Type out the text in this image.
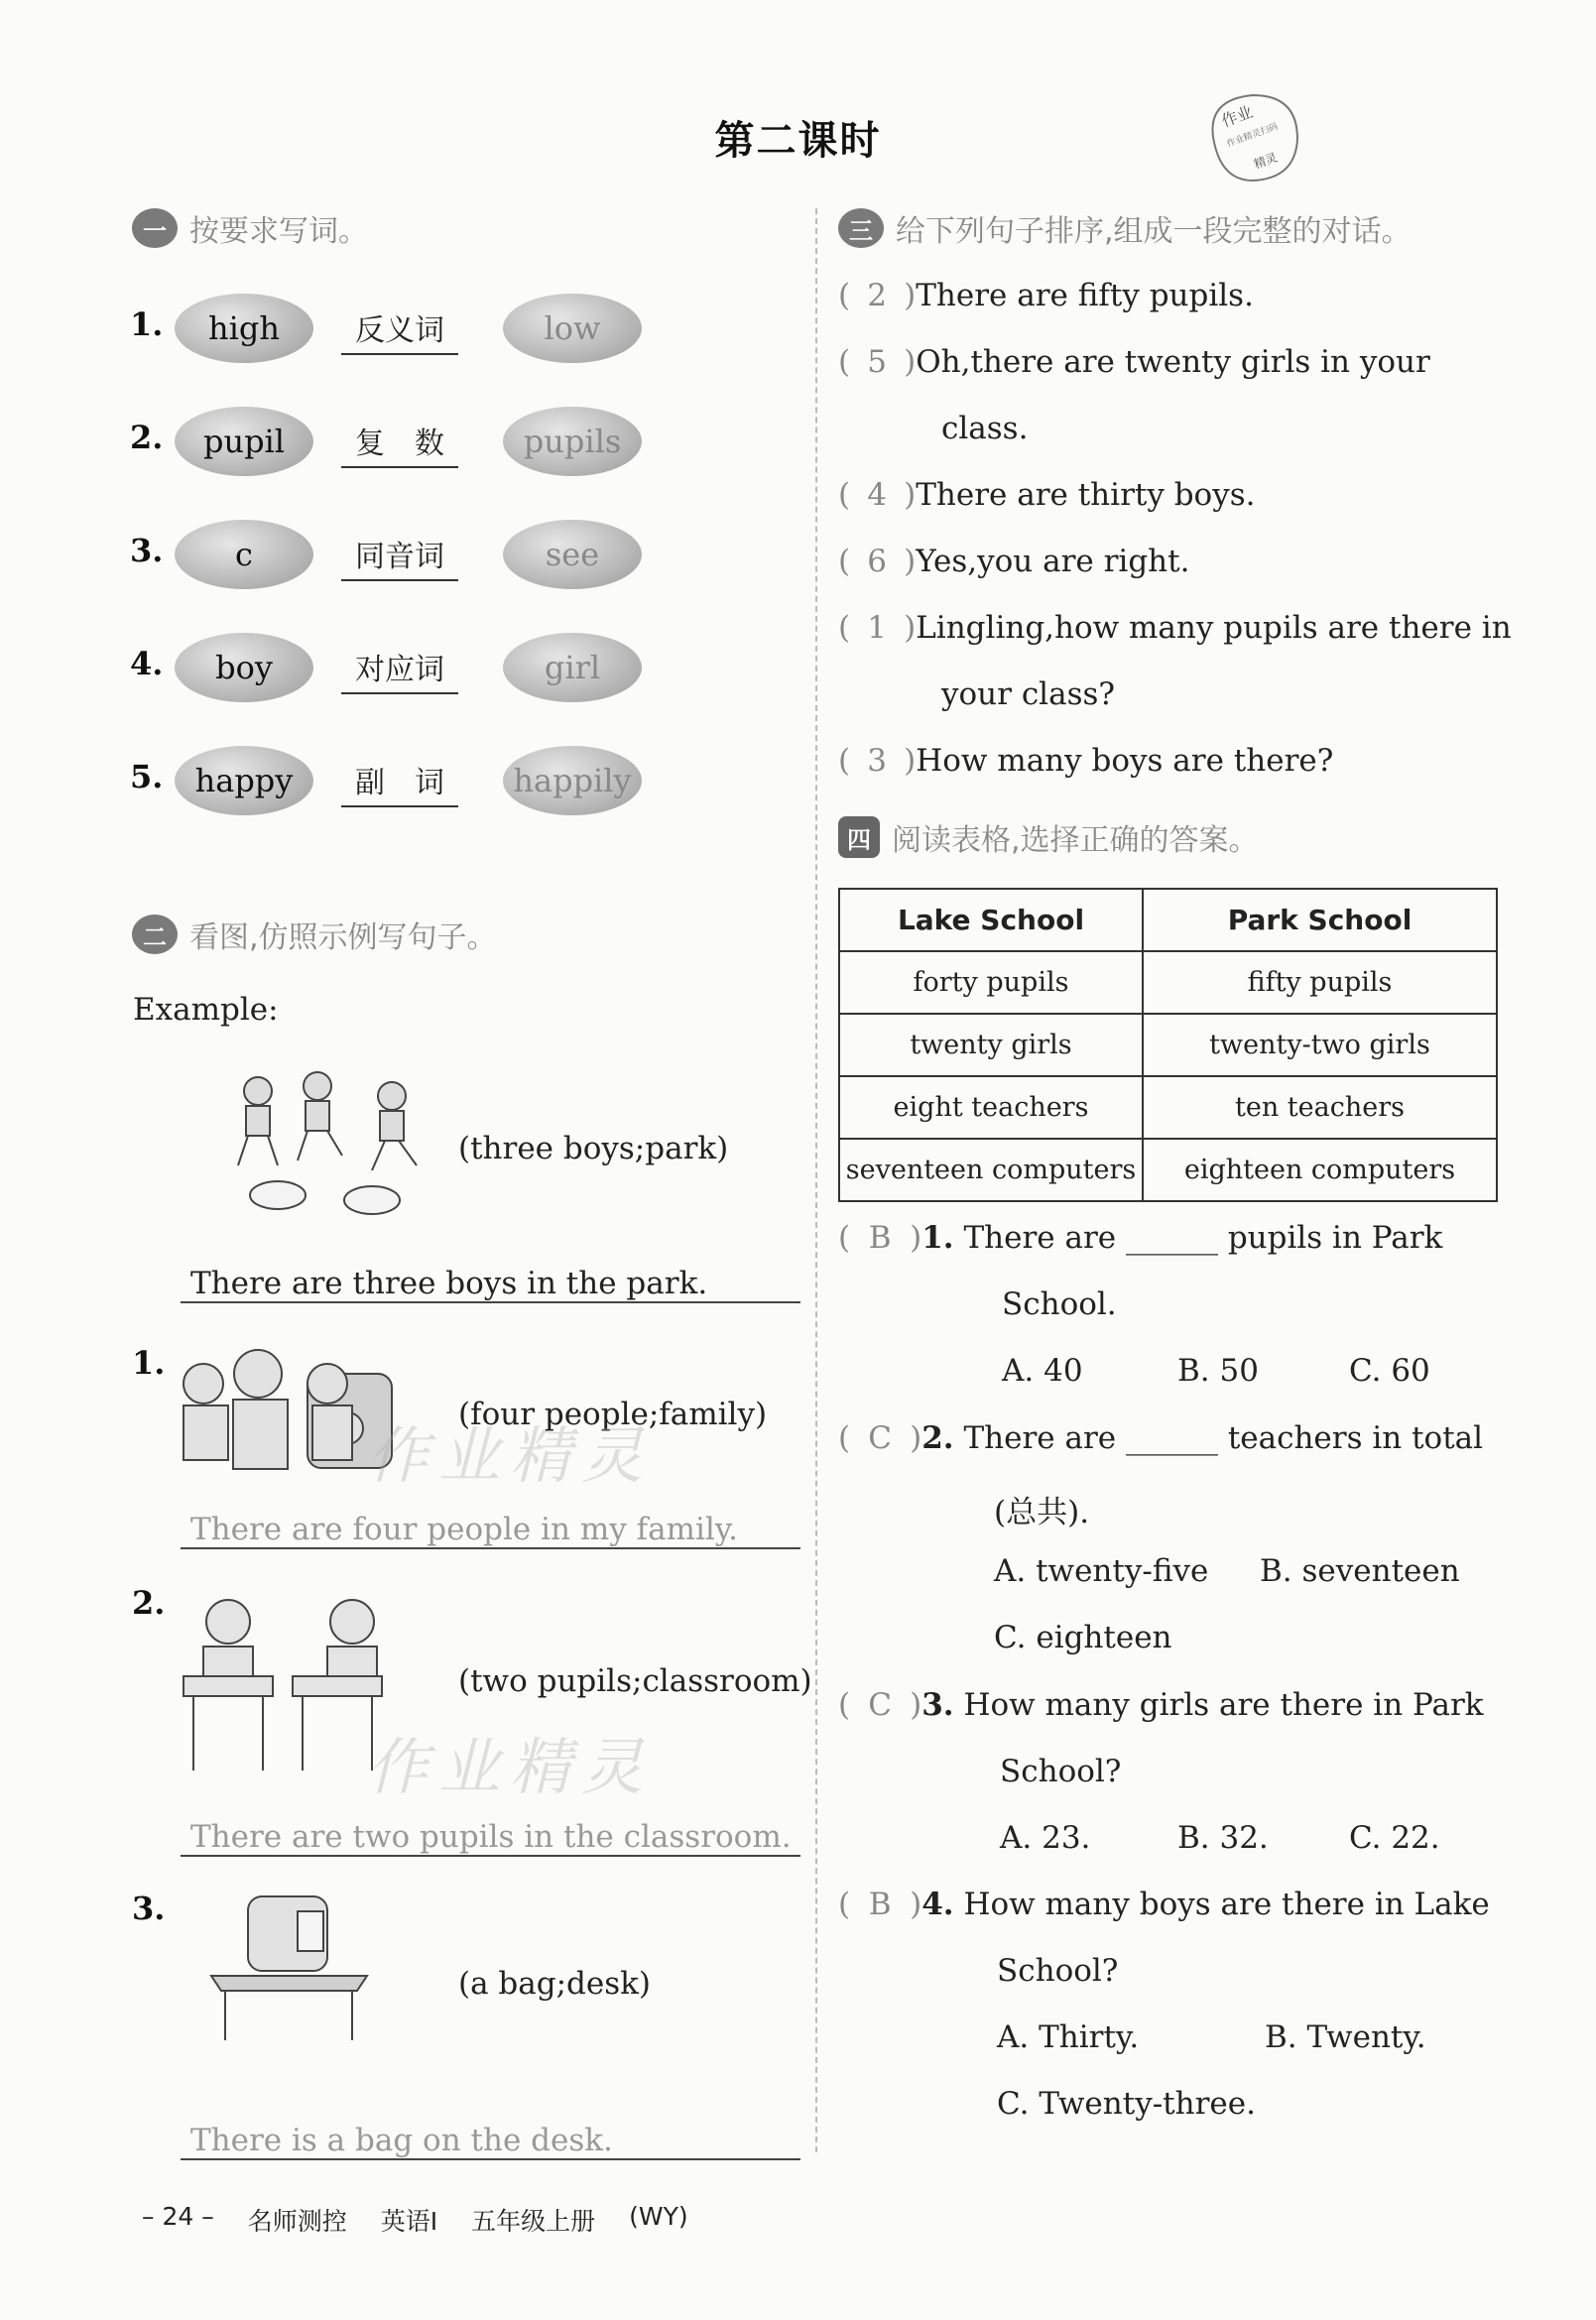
第二课时
作业
作业精灵扫码
精灵
一 按要求写词。
1.	high	反义词	low
2.	pupil	复　数	pupils
3.	c	同音词	see
4.	boy	对应词	girl
5.	happy	副　词	happily
二 看图,仿照示例写句子。
Example:
(three boys;park)
There are three boys in the park.
1.
(four people;family)
There are four people in my family.
2.
(two pupils;classroom)
There are two pupils in the classroom.
3.
(a bag;desk)
There is a bag on the desk.
作业精灵
作业精灵
三 给下列句子排序,组成一段完整的对话。
( 2 )There are fifty pupils.
( 5 )Oh,there are twenty girls in your
class.
( 4 )There are thirty boys.
( 6 )Yes,you are right.
( 1 )Lingling,how many pupils are there in
your class?
( 3 )How many boys are there?
四 阅读表格,选择正确的答案。
Lake School	Park School
forty pupils	fifty pupils
twenty girls	twenty-two girls
eight teachers	ten teachers
seventeen computers	eighteen computers
( B )1. There are ______ pupils in Park
School.
A. 40	B. 50	C. 60
( C )2. There are ______ teachers in total
(总共).
A. twenty-five B. seventeen
C. eighteen
( C )3. How many girls are there in Park
School?
A. 23.	B. 32.	C. 22.
( B )4. How many boys are there in Lake
School?
A. Thirty.	B. Twenty.
C. Twenty-three.
– 24 – 名师测控 英语Ⅰ 五年级上册 (WY)
